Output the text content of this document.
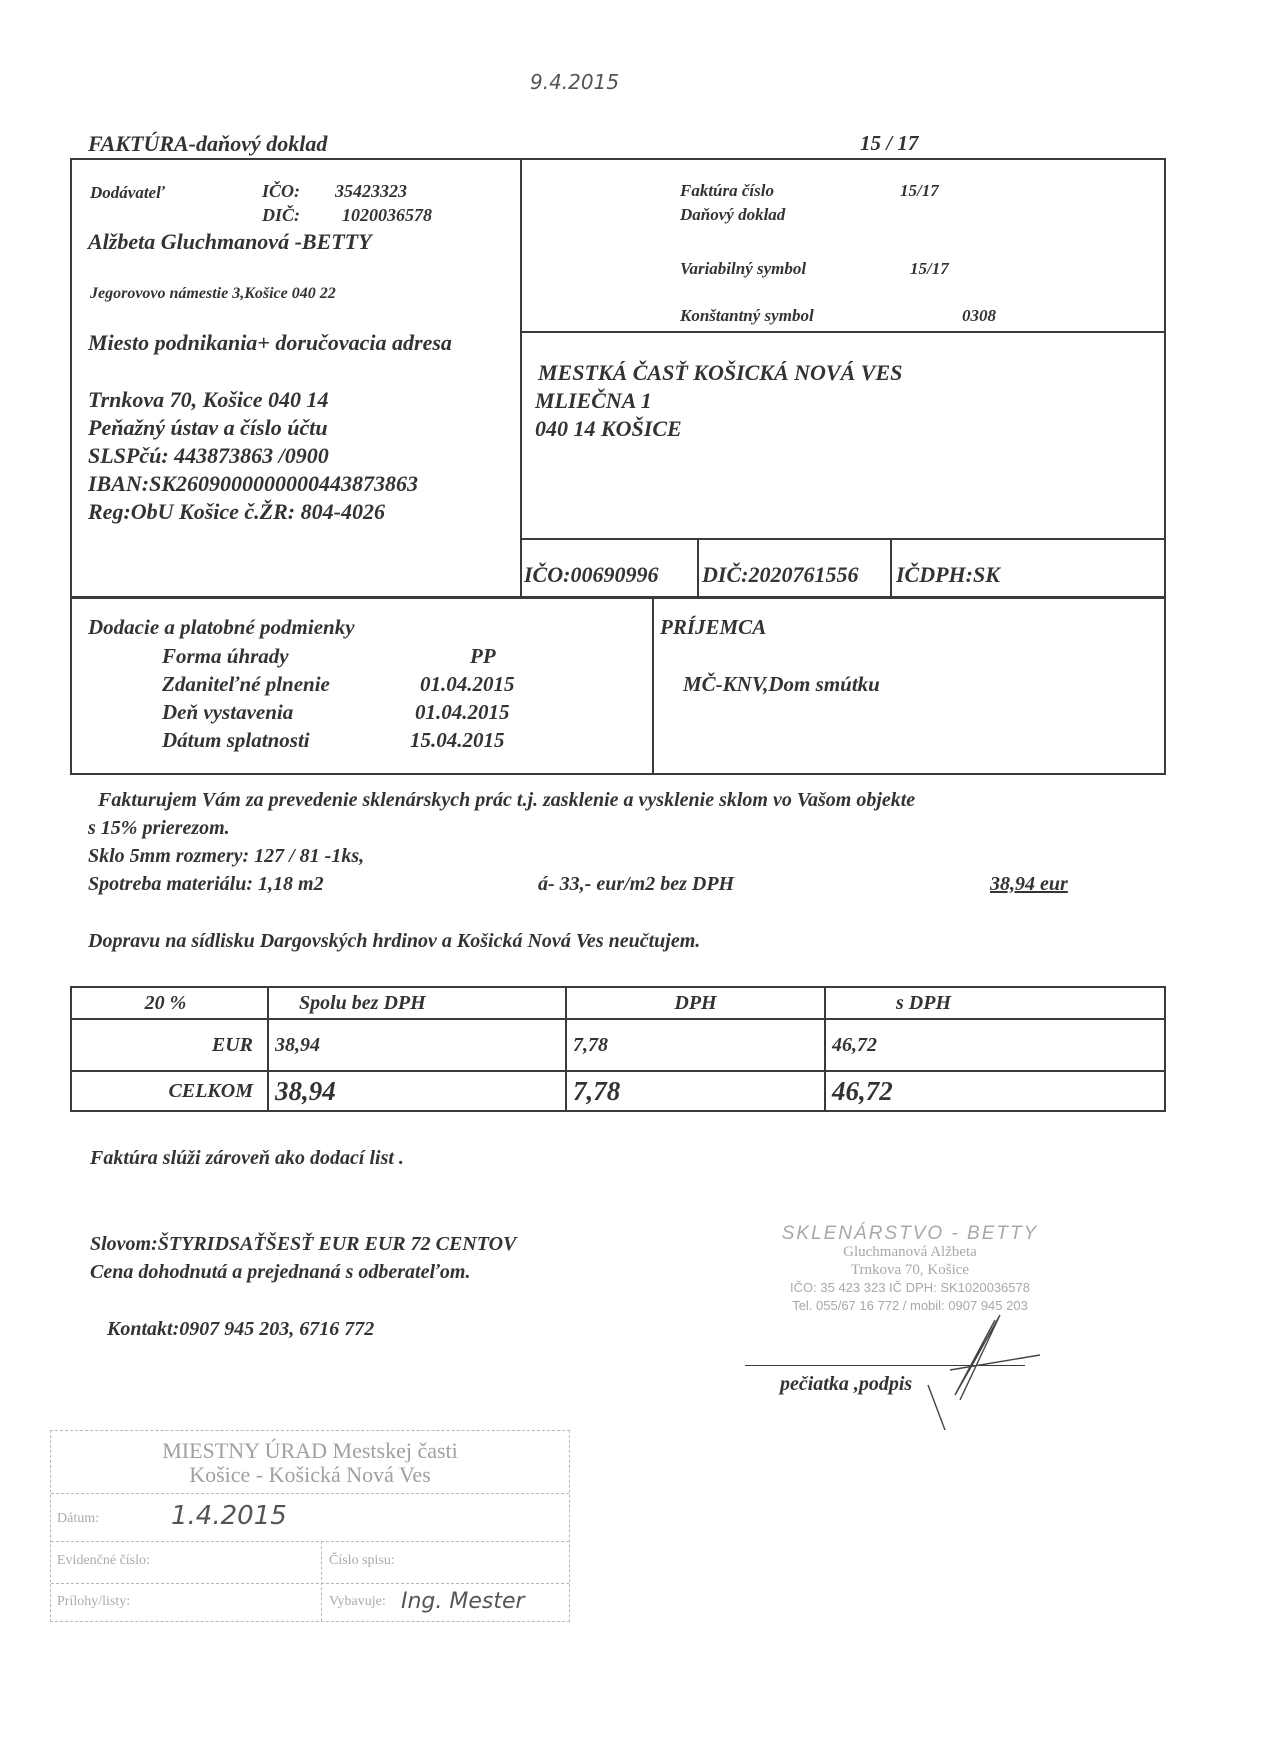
9.4.2015
FAKTÚRA-daňový doklad	15 / 17
Dodávateľ	IČO: 35423323
DIČ: 1020036578
Alžbeta Gluchmanová -BETTY
Jegorovovo námestie 3,Košice 040 22
Miesto podnikania+ doručovacia adresa
Trnkova 70, Košice 040 14
Peňažný ústav a číslo účtu
SLSPčú: 443873863 /0900
IBAN:SK2609000000000443873863
Reg:ObU Košice č.ŽR: 804-4026
Faktúra číslo	15/17
Daňový doklad
Variabilný symbol	15/17
Konštantný symbol	0308
MESTKÁ ČASŤ KOŠICKÁ NOVÁ VES
MLIEČNA 1
040 14 KOŠICE
IČO:00690996 DIČ:2020761556 IČDPH:SK
Dodacie a platobné podmienky
Forma úhrady	PP
Zdaniteľné plnenie	01.04.2015
Deň vystavenia	01.04.2015
Dátum splatnosti	15.04.2015
PRÍJEMCA
MČ-KNV,Dom smútku
Fakturujem Vám za prevedenie sklenárskych prác t.j. zasklenie a vysklenie sklom vo Vašom objekte
s 15% prierezom.
Sklo 5mm rozmery: 127 / 81 -1ks,
Spotreba materiálu: 1,18 m2	á- 33,- eur/m2 bez DPH	38,94 eur
Dopravu na sídlisku Dargovských hrdinov a Košická Nová Ves neučtujem.
20 %	Spolu bez DPH	DPH	s DPH
EUR	38,94	7,78	46,72
CELKOM	38,94	7,78	46,72
Faktúra slúži zároveň ako dodací list .
Slovom:ŠTYRIDSAŤŠESŤ EUR EUR 72 CENTOV
Cena dohodnutá a prejednaná s odberateľom.
Kontakt:0907 945 203, 6716 772
SKLENÁRSTVO - BETTY
Gluchmanová Alžbeta
Trnkova 70, Košice
IČO: 35 423 323 IČ DPH: SK1020036578
Tel. 055/67 16 772 / mobil: 0907 945 203
pečiatka ,podpis
MIESTNY ÚRAD Mestskej časti
Košice - Košická Nová Ves
Dátum:	1.4.2015
Evidenčné číslo:	Číslo spisu:
Prílohy/listy:	Vybavuje: Ing. Mester
